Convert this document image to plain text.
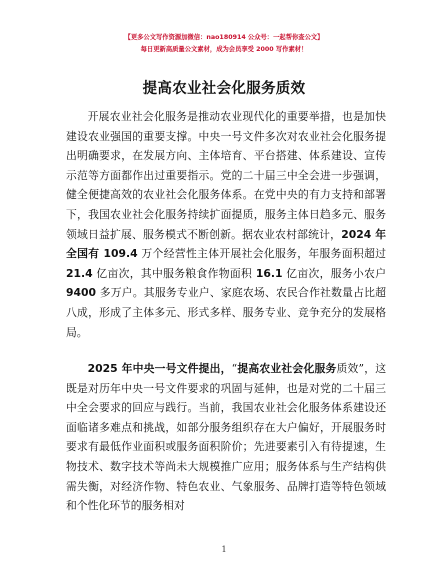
【更多公文写作资源加微信：nao180914 公众号：一起帮你查公文】
每日更新高质量公文素材，成为会员享受 2000 写作素材！
提高农业社会化服务质效

开展农业社会化服务是推动农业现代化的重要举措，也是加快建设农业强国的重要支撑。中央一号文件多次对农业社会化服务提出明确要求，在发展方向、主体培育、平台搭建、体系建设、宣传示范等方面都作出过重要指示。党的二十届三中全会进一步强调，健全便捷高效的农业社会化服务体系。在党中央的有力支持和部署下，我国农业社会化服务持续扩面提质，服务主体日趋多元、服务领域日益扩展、服务模式不断创新。据农业农村部统计，2024 年全国有 109.4 万个经营性主体开展社会化服务，年服务面积超过 21.4 亿亩次，其中服务粮食作物面积 16.1 亿亩次，服务小农户 9400 多万户。其服务专业户、家庭农场、农民合作社数量占比超八成，形成了主体多元、形式多样、服务专业、竞争充分的发展格局。

2025 年中央一号文件提出，“提高农业社会化服务质效”，这既是对历年中央一号文件要求的巩固与延伸，也是对党的二十届三中全会要求的回应与践行。当前，我国农业社会化服务体系建设还面临诸多难点和挑战，如部分服务组织存在大户偏好，开展服务时要求有最低作业面积或服务面积阶价；先进要素引入有待提速，生物技术、数字技术等尚未大规模推广应用；服务体系与生产结构供需失衡，对经济作物、特色农业、气象服务、品牌打造等特色领域和个性化环节的服务相对

1
